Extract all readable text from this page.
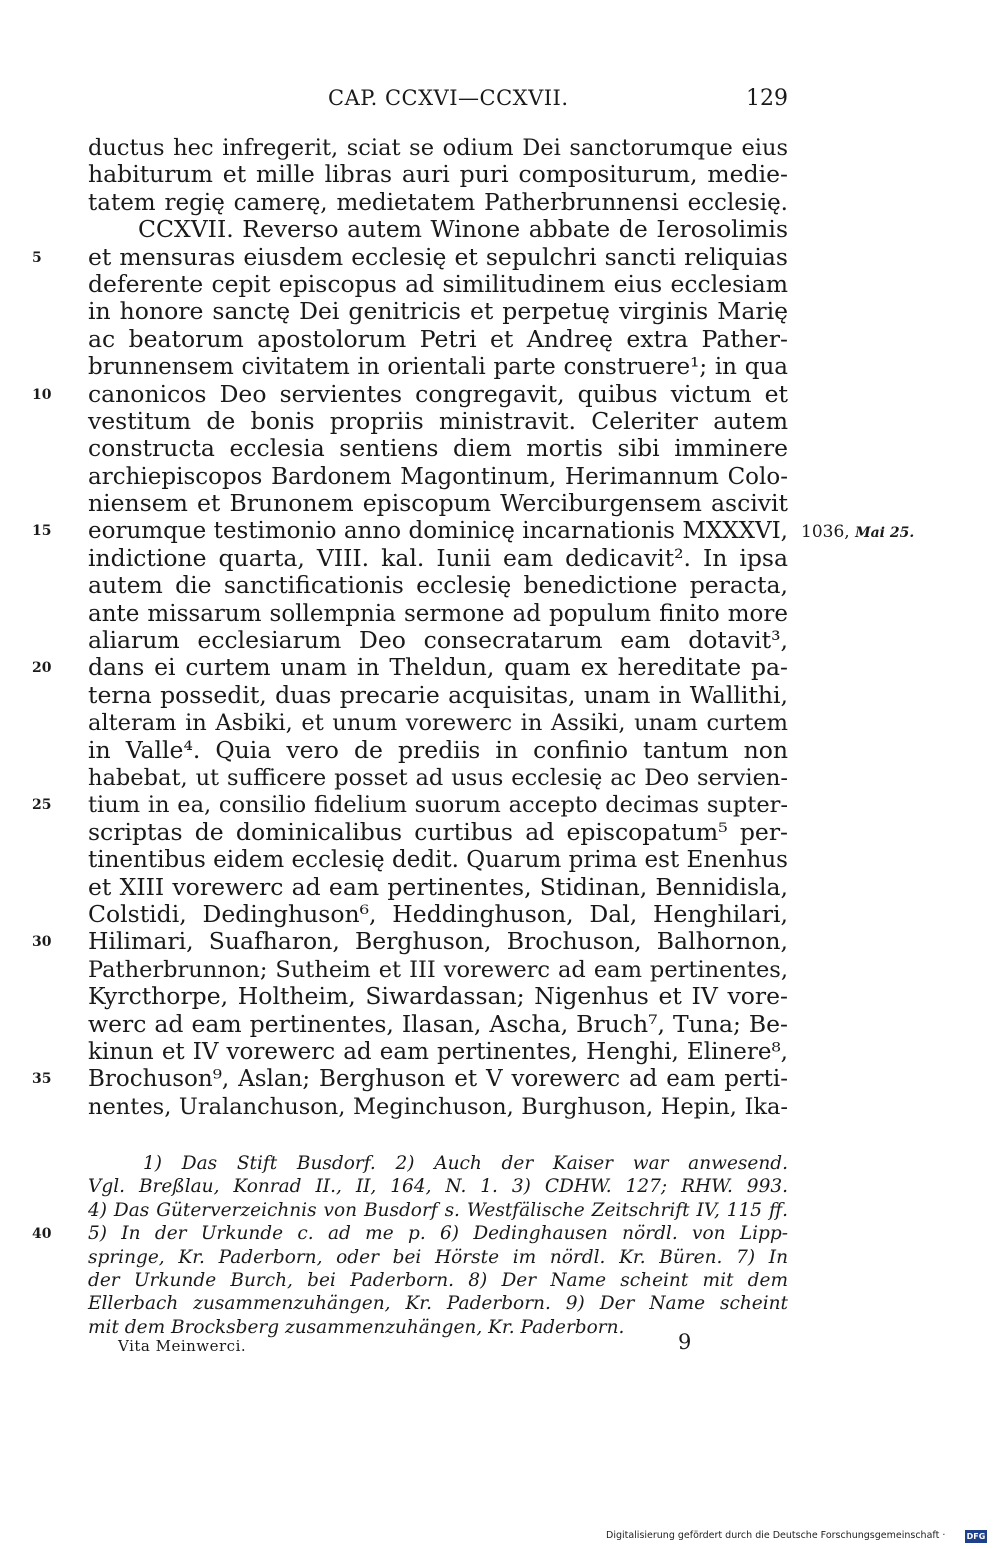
CAP. CCXVI—CCXVII.	129
ductus hec infregerit, sciat se odium Dei sanctorumque eius
habiturum et mille libras auri puri compositurum, medie-
tatem regię camerę, medietatem Patherbrunnensi ecclesię.
CCXVII. Reverso autem Winone abbate de Ierosolimis
5	et mensuras eiusdem ecclesię et sepulchri sancti reliquias
deferente cepit episcopus ad similitudinem eius ecclesiam
in honore sanctę Dei genitricis et perpetuę virginis Marię
ac beatorum apostolorum Petri et Andreę extra Pather-
brunnensem civitatem in orientali parte construere¹; in qua
10	canonicos Deo servientes congregavit, quibus victum et
vestitum de bonis propriis ministravit. Celeriter autem
constructa ecclesia sentiens diem mortis sibi imminere
archiepiscopos Bardonem Magontinum, Herimannum Colo-
niensem et Brunonem episcopum Werciburgensem ascivit
15	eorumque testimonio anno dominicę incarnationis MXXXVI, 1036, Mai 25.
indictione quarta, VIII. kal. Iunii eam dedicavit². In ipsa
autem die sanctificationis ecclesię benedictione peracta,
ante missarum sollempnia sermone ad populum finito more
aliarum ecclesiarum Deo consecratarum eam dotavit³,
20	dans ei curtem unam in Theldun, quam ex hereditate pa-
terna possedit, duas precarie acquisitas, unam in Wallithi,
alteram in Asbiki, et unum vorewerc in Assiki, unam curtem
in Valle⁴. Quia vero de prediis in confinio tantum non
habebat, ut sufficere posset ad usus ecclesię ac Deo servien-
25	tium in ea, consilio fidelium suorum accepto decimas supter-
scriptas de dominicalibus curtibus ad episcopatum⁵ per-
tinentibus eidem ecclesię dedit. Quarum prima est Enenhus
et XIII vorewerc ad eam pertinentes, Stidinan, Bennidisla,
Colstidi, Dedinghuson⁶, Heddinghuson, Dal, Henghilari,
30	Hilimari, Suafharon, Berghuson, Brochuson, Balhornon,
Patherbrunnon; Sutheim et III vorewerc ad eam pertinentes,
Kyrcthorpe, Holtheim, Siwardassan; Nigenhus et IV vore-
werc ad eam pertinentes, Ilasan, Ascha, Bruch⁷, Tuna; Be-
kinun et IV vorewerc ad eam pertinentes, Henghi, Elinere⁸,
35	Brochuson⁹, Aslan; Berghuson et V vorewerc ad eam perti-
nentes, Uralanchuson, Meginchuson, Burghuson, Hepin, Ika-
1) Das Stift Busdorf. 2) Auch der Kaiser war anwesend.
Vgl. Breßlau, Konrad II., II, 164, N. 1. 3) CDHW. 127; RHW. 993.
4) Das Güterverzeichnis von Busdorf s. Westfälische Zeitschrift IV, 115 ff.
40	5) In der Urkunde c. ad me p. 6) Dedinghausen nördl. von Lipp-
springe, Kr. Paderborn, oder bei Hörste im nördl. Kr. Büren. 7) In
der Urkunde Burch, bei Paderborn. 8) Der Name scheint mit dem
Ellerbach zusammenzuhängen, Kr. Paderborn. 9) Der Name scheint
mit dem Brocksberg zusammenzuhängen, Kr. Paderborn.
Vita Meinwerci.	9
Digitalisierung gefördert durch die Deutsche Forschungsgemeinschaft ·	DFG
